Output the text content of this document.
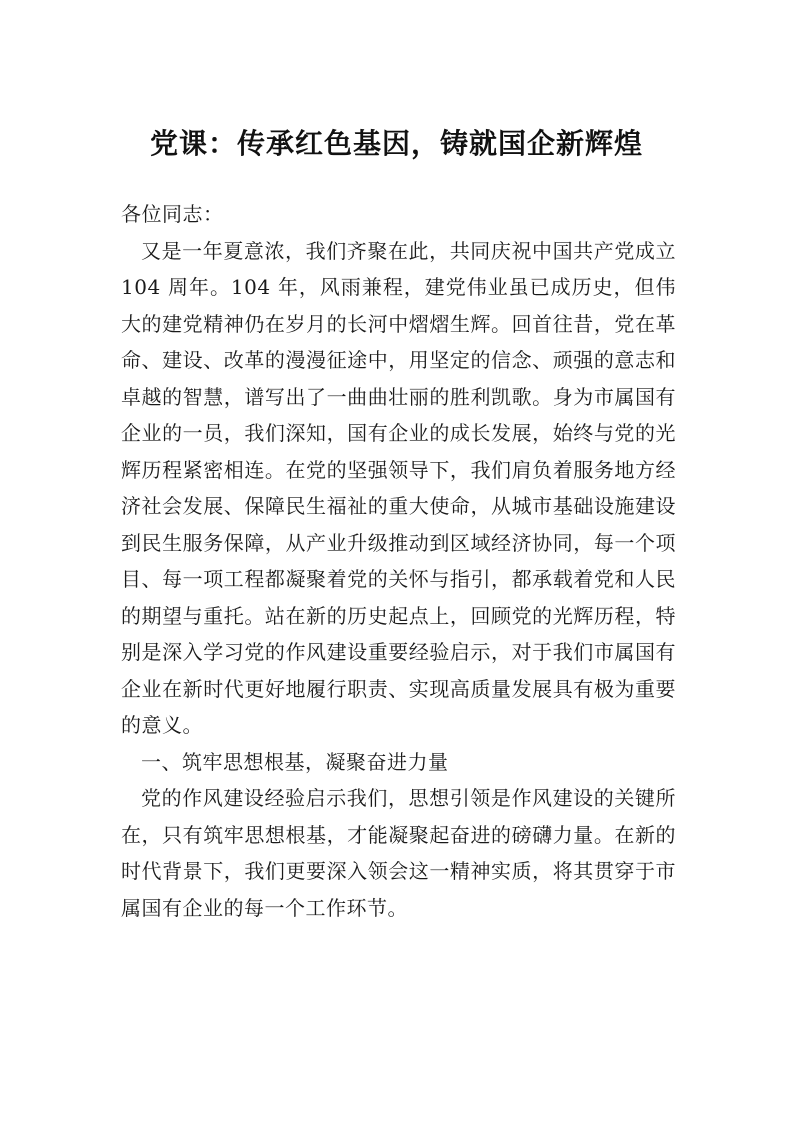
党课：传承红色基因，铸就国企新辉煌

各位同志：

又是一年夏意浓，我们齐聚在此，共同庆祝中国共产党成立 104 周年。104 年，风雨兼程，建党伟业虽已成历史，但伟大的建党精神仍在岁月的长河中熠熠生辉。回首往昔，党在革命、建设、改革的漫漫征途中，用坚定的信念、顽强的意志和卓越的智慧，谱写出了一曲曲壮丽的胜利凯歌。身为市属国有企业的一员，我们深知，国有企业的成长发展，始终与党的光辉历程紧密相连。在党的坚强领导下，我们肩负着服务地方经济社会发展、保障民生福祉的重大使命，从城市基础设施建设到民生服务保障，从产业升级推动到区域经济协同，每一个项目、每一项工程都凝聚着党的关怀与指引，都承载着党和人民的期望与重托。站在新的历史起点上，回顾党的光辉历程，特别是深入学习党的作风建设重要经验启示，对于我们市属国有企业在新时代更好地履行职责、实现高质量发展具有极为重要的意义。

一、筑牢思想根基，凝聚奋进力量

党的作风建设经验启示我们，思想引领是作风建设的关键所在，只有筑牢思想根基，才能凝聚起奋进的磅礴力量。在新的时代背景下，我们更要深入领会这一精神实质，将其贯穿于市属国有企业的每一个工作环节。
